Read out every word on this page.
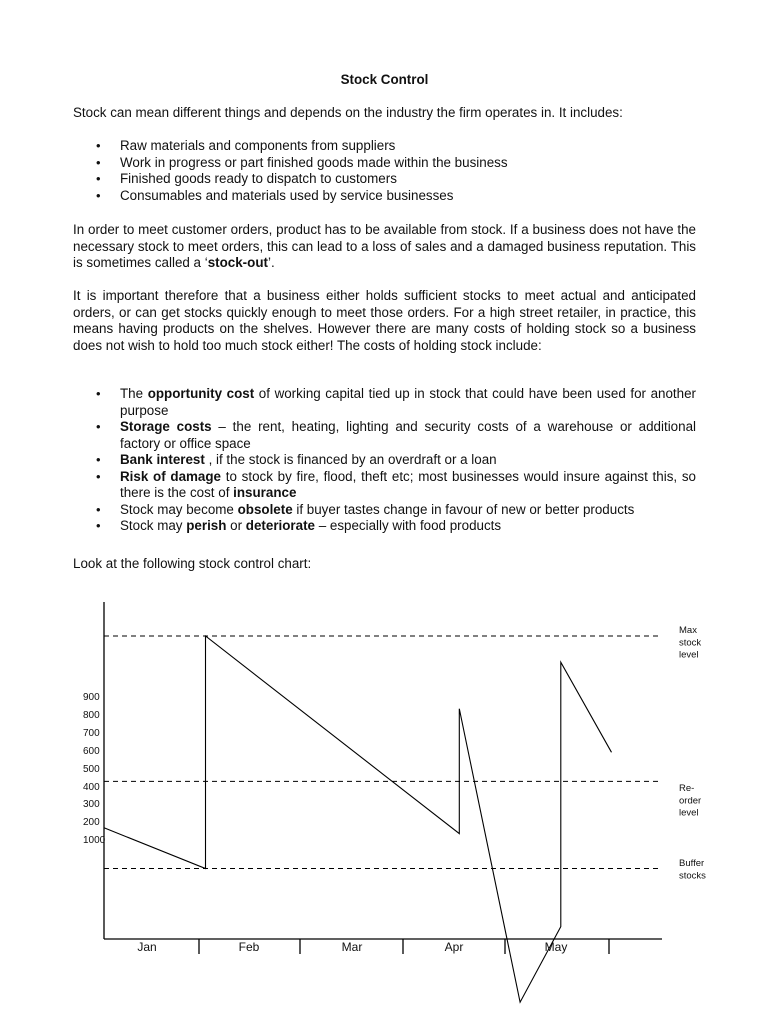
Stock Control

Stock can mean different things and depends on the industry the firm operates in. It includes:

• Raw materials and components from suppliers
• Work in progress or part finished goods made within the business
• Finished goods ready to dispatch to customers
• Consumables and materials used by service businesses

In order to meet customer orders, product has to be available from stock. If a business does not have the necessary stock to meet orders, this can lead to a loss of sales and a damaged business reputation. This is sometimes called a ‘stock-out’.

It is important therefore that a business either holds sufficient stocks to meet actual and anticipated orders, or can get stocks quickly enough to meet those orders. For a high street retailer, in practice, this means having products on the shelves. However there are many costs of holding stock so a business does not wish to hold too much stock either! The costs of holding stock include:

• The opportunity cost of working capital tied up in stock that could have been used for another purpose
• Storage costs – the rent, heating, lighting and security costs of a warehouse or additional factory or office space
• Bank interest , if the stock is financed by an overdraft or a loan
• Risk of damage to stock by fire, flood, theft etc; most businesses would insure against this, so there is the cost of insurance
• Stock may become obsolete if buyer tastes change in favour of new or better products
• Stock may perish or deteriorate – especially with food products

Look at the following stock control chart:

Jan	Feb	Mar	Apr	May
900
800
700
600
500
400
300
200
1000
Max
stock
level
Re-
order
level
Buffer
stocks
